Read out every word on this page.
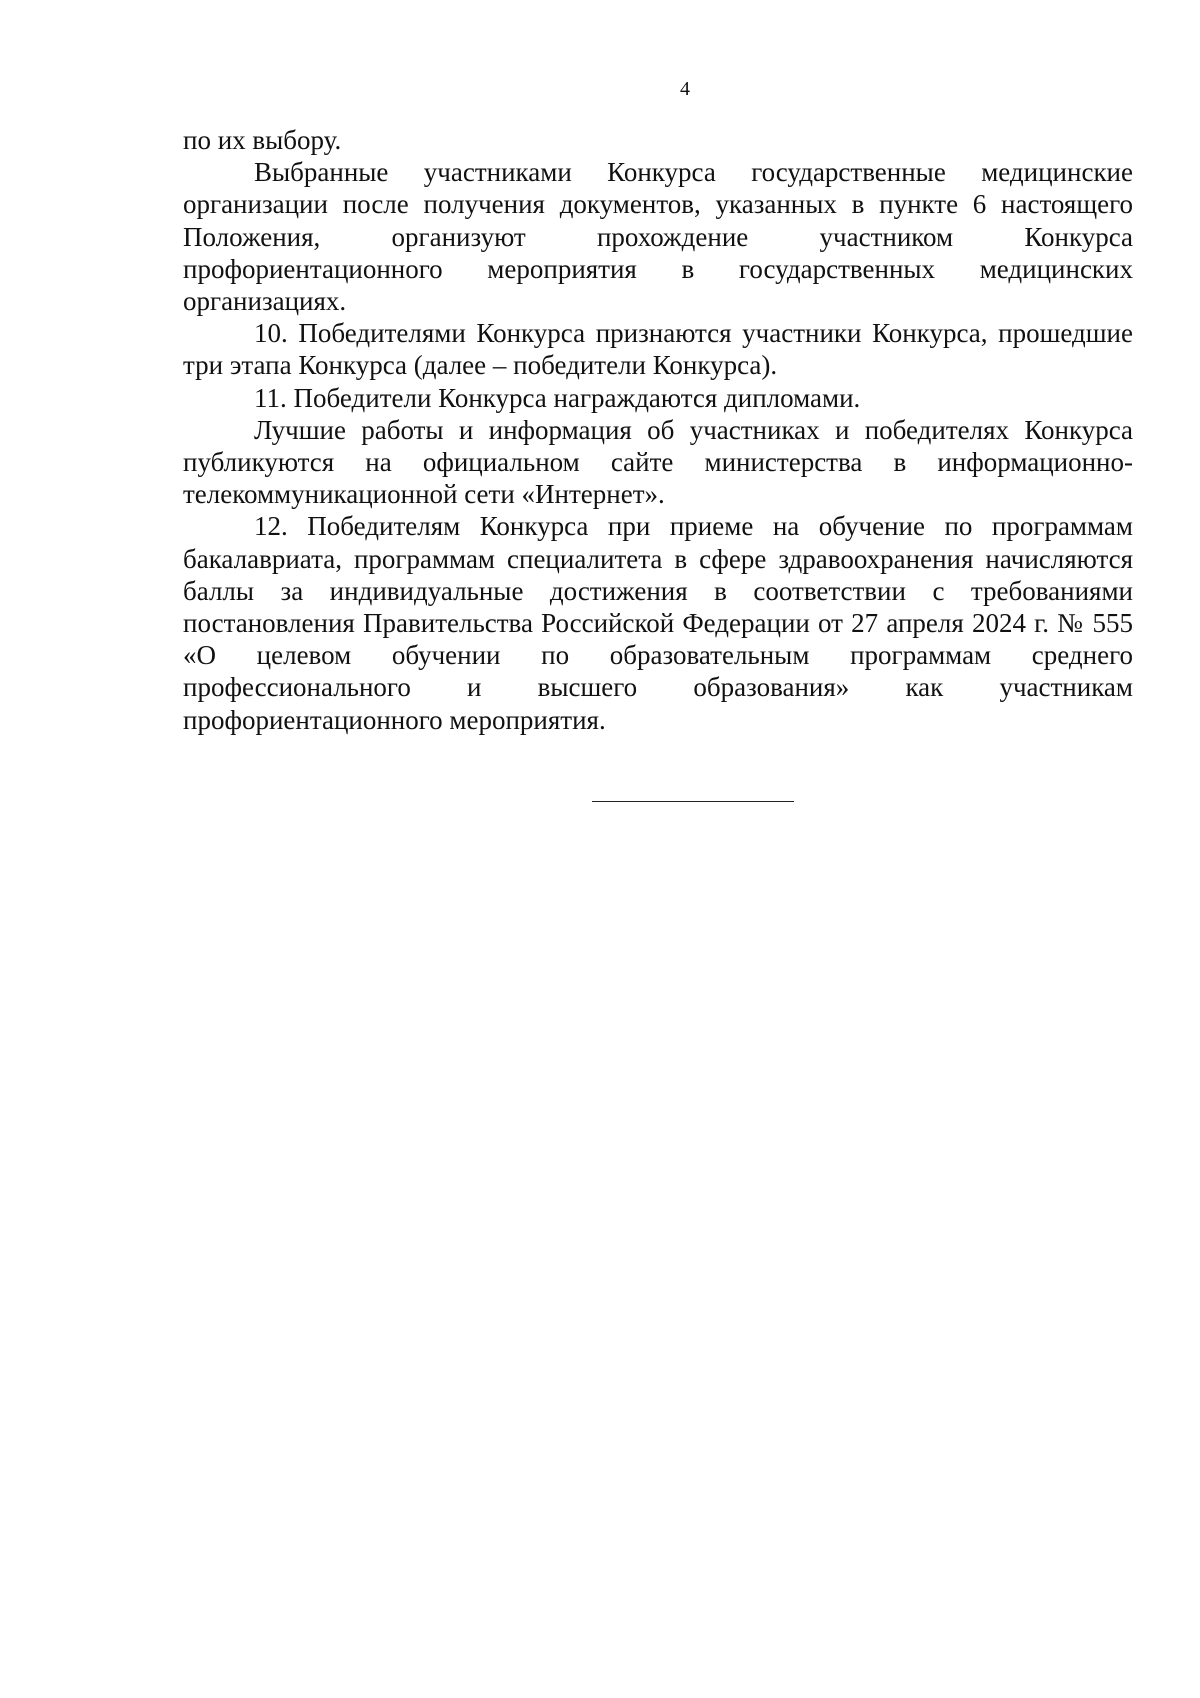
4

по их выбору.

Выбранные участниками Конкурса государственные медицинские организации после получения документов, указанных в пункте 6 настоящего Положения, организуют прохождение участником Конкурса профориентационного мероприятия в государственных медицинских организациях.

10. Победителями Конкурса признаются участники Конкурса, прошедшие три этапа Конкурса (далее – победители Конкурса).

11. Победители Конкурса награждаются дипломами.

Лучшие работы и информация об участниках и победителях Конкурса публикуются на официальном сайте министерства в информационно-телекоммуникационной сети «Интернет».

12. Победителям Конкурса при приеме на обучение по программам бакалавриата, программам специалитета в сфере здравоохранения начисляются баллы за индивидуальные достижения в соответствии с требованиями постановления Правительства Российской Федерации от 27 апреля 2024 г. № 555 «О целевом обучении по образовательным программам среднего профессионального и высшего образования» как участникам профориентационного мероприятия.
